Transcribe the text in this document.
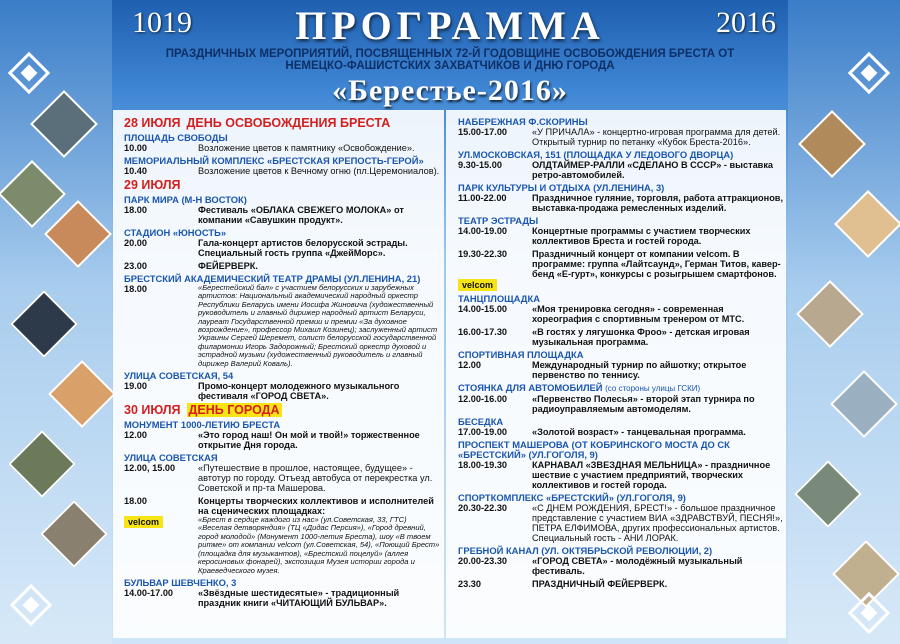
1019	2016
ПРОГРАММА
ПРАЗДНИЧНЫХ МЕРОПРИЯТИЙ, ПОСВЯЩЕННЫХ 72-Й ГОДОВЩИНЕ ОСВОБОЖДЕНИЯ БРЕСТА ОТ НЕМЕЦКО-ФАШИСТСКИХ ЗАХВАТЧИКОВ И ДНЮ ГОРОДА
«Берестье-2016»
28 ИЮЛЯ ДЕНЬ ОСВОБОЖДЕНИЯ БРЕСТА
ПЛОЩАДЬ СВОБОДЫ
10.00	Возложение цветов к памятнику «Освобождение».
МЕМОРИАЛЬНЫЙ КОМПЛЕКС «БРЕСТСКАЯ КРЕПОСТЬ-ГЕРОЙ»
10.40	Возложение цветов к Вечному огню (пл.Церемониалов).
29 ИЮЛЯ
ПАРК МИРА (М-Н ВОСТОК)
18.00	Фестиваль «ОБЛАКА СВЕЖЕГО МОЛОКА» от компании «Савушкин продукт».
СТАДИОН «ЮНОСТЬ»
20.00	Гала-концерт артистов белорусской эстрады. Специальный гость группа «ДжейМорс».
23.00	ФЕЙЕРВЕРК.
БРЕСТСКИЙ АКАДЕМИЧЕСКИЙ ТЕАТР ДРАМЫ (УЛ.ЛЕНИНА, 21)
18.00	«Берестейский бал» с участием белорусских и зарубежных артистов: Национальный академический народный оркестр Республики Беларусь имени Иосифа Жиновича (художественный руководитель и главный дирижер народный артист Беларуси, лауреат Государственной премии и премии «За духовное возрождение», профессор Михаил Козинец); заслуженный артист Украины Сергей Шеремет, солист белорусской государственной филармонии Игорь Задорожный; Брестский оркестр духовой и эстрадной музыки (художественный руководитель и главный дирижер Валерий Коваль).
УЛИЦА СОВЕТСКАЯ, 54
19.00	Промо-концерт молодежного музыкального фестиваля «ГОРОД СВЕТА».
30 ИЮЛЯ ДЕНЬ ГОРОДА
МОНУМЕНТ 1000-ЛЕТИЮ БРЕСТА
12.00	«Это город наш! Он мой и твой!» торжественное открытие Дня города.
УЛИЦА СОВЕТСКАЯ
12.00, 15.00	«Путешествие в прошлое, настоящее, будущее» - автотур по городу. Отъезд автобуса от перекрестка ул. Советской и пр-та Машерова.
18.00	Концерты творческих коллективов и исполнителей на сценических площадках:
velcom	«Брест в сердце каждого из нас» (ул.Советская, 33, ГТС) «Веселая детворяндия» (ТЦ «Дидас Персия»), «Город древний, город молодой» (Монумент 1000-летия Бреста), шоу «В твоем ритме» от компании velcom (ул.Советская, 54), «Поющий Брест» (площадка для музыкантов), «Брестский поцелуй» (аллея керосиновых фонарей), экспозиция Музея истории города и Краеведческого музея.
БУЛЬВАР ШЕВЧЕНКО, 3
14.00-17.00	«Звёздные шестидесятые» - традиционный праздник книги «ЧИТАЮЩИЙ БУЛЬВАР».
НАБЕРЕЖНАЯ Ф.СКОРИНЫ
15.00-17.00	«У ПРИЧАЛА» - концертно-игровая программа для детей. Открытый турнир по петанку «Кубок Бреста-2016».
УЛ.МОСКОВСКАЯ, 151 (ПЛОЩАДКА У ЛЕДОВОГО ДВОРЦА)
9.30-15.00	ОЛДТАЙМЕР-РАЛЛИ «СДЕЛАНО В СССР» - выставка ретро-автомобилей.
ПАРК КУЛЬТУРЫ И ОТДЫХА (УЛ.ЛЕНИНА, 3)
11.00-22.00	Праздничное гуляние, торговля, работа аттракционов, выставка-продажа ремесленных изделий.
ТЕАТР ЭСТРАДЫ
14.00-19.00	Концертные программы с участием творческих коллективов Бреста и гостей города.
19.30-22.30	Праздничный концерт от компании velcom. В программе: группа «Лайтсаунд», Герман Титов, кавер-бенд «Е-гурт», конкурсы с розыгрышем смартфонов.
velcom
ТАНЦПЛОЩАДКА
14.00-15.00	«Моя тренировка сегодня» - современная хореография с спортивным тренером от МТС.
16.00-17.30	«В гостях у лягушонка Фроо» - детская игровая музыкальная программа.
СПОРТИВНАЯ ПЛОЩАДКА
12.00	Международный турнир по айшотку; открытое первенство по теннису.
СТОЯНКА ДЛЯ АВТОМОБИЛЕЙ (со стороны улицы ГСКИ)
12.00-16.00	«Первенство Полесья» - второй этап турнира по радиоуправляемым автомоделям.
БЕСЕДКА
17.00-19.00	«Золотой возраст» - танцевальная программа.
ПРОСПЕКТ МАШЕРОВА (ОТ КОБРИНСКОГО МОСТА ДО СК «БРЕСТСКИЙ» (УЛ.ГОГОЛЯ, 9)
18.00-19.30	КАРНАВАЛ «ЗВЕЗДНАЯ МЕЛЬНИЦА» - праздничное шествие с участием предприятий, творческих коллективов и гостей города.
СПОРТКОМПЛЕКС «БРЕСТСКИЙ» (УЛ.ГОГОЛЯ, 9)
20.30-22.30	«С ДНЕМ РОЖДЕНИЯ, БРЕСТ!» - большое праздничное представление с участием ВИА «ЗДРАВСТВУЙ, ПЕСНЯ!», ПЕТРА ЕЛФИМОВА, других профессиональных артистов. Специальный гость - АНИ ЛОРАК.
ГРЕБНОЙ КАНАЛ (УЛ. ОКТЯБРЬСКОЙ РЕВОЛЮЦИИ, 2)
20.00-23.30	«ГОРОД СВЕТА» - молодёжный музыкальный фестиваль.
23.30	ПРАЗДНИЧНЫЙ ФЕЙЕРВЕРК.
